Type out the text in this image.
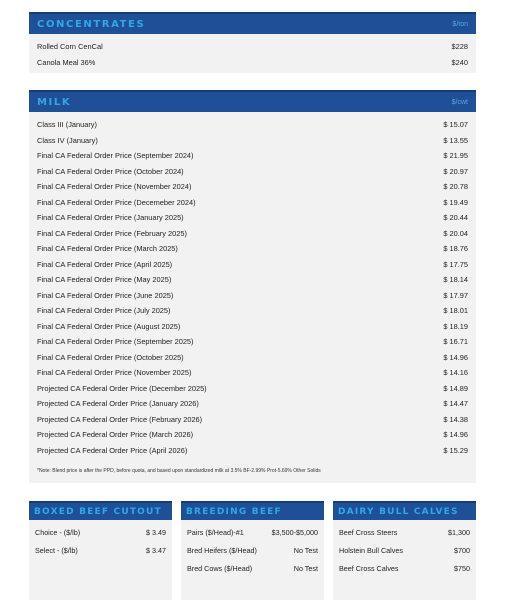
CONCENTRATES	$/ton
Rolled Corn CenCal	$228
Canola Meal 36%	$240
MILK	$/cwt
Class III (January)	$ 15.07
Class IV (January)	$ 13.55
Final CA Federal Order Price (September 2024)	$ 21.95
Final CA Federal Order Price (October 2024)	$ 20.97
Final CA Federal Order Price (November 2024)	$ 20.78
Final CA Federal Order Price (Decemeber 2024)	$ 19.49
Final CA Federal Order Price (January 2025)	$ 20.44
Final CA Federal Order Price (February 2025)	$ 20.04
Final CA Federal Order Price (March 2025)	$ 18.76
Final CA Federal Order Price (April 2025)	$ 17.75
Final CA Federal Order Price (May 2025)	$ 18.14
Final CA Federal Order Price (June 2025)	$ 17.97
Final CA Federal Order Price (July 2025)	$ 18.01
Final CA Federal Order Price (August 2025)	$ 18.19
Final CA Federal Order Price (September 2025)	$ 16.71
Final CA Federal Order Price (October 2025)	$ 14.96
Final CA Federal Order Price (November 2025)	$ 14.16
Projected CA Federal Order Price (December 2025)	$ 14.89
Projected CA Federal Order Price (January 2026)	$ 14.47
Projected CA Federal Order Price (February 2026)	$ 14.38
Projected CA Federal Order Price (March 2026)	$ 14.96
Projected CA Federal Order Price (April 2026)	$ 15.29
*Note: Blend price is after the PPD, before quota, and based upon standardized milk at 3.5% BF-2.99% Prot-5.69% Other Solids
BOXED BEEF CUTOUT
Choice - ($/lb)	$ 3.49
Select - ($/lb)	$ 3.47
BREEDING BEEF
Pairs ($/Head)-#1	$3,500-$5,000
Bred Heifers ($/Head)	No Test
Bred Cows ($/Head)	No Test
DAIRY BULL CALVES
Beef Cross Steers	$1,300
Holstein Bull Calves	$700
Beef Cross Calves	$750
